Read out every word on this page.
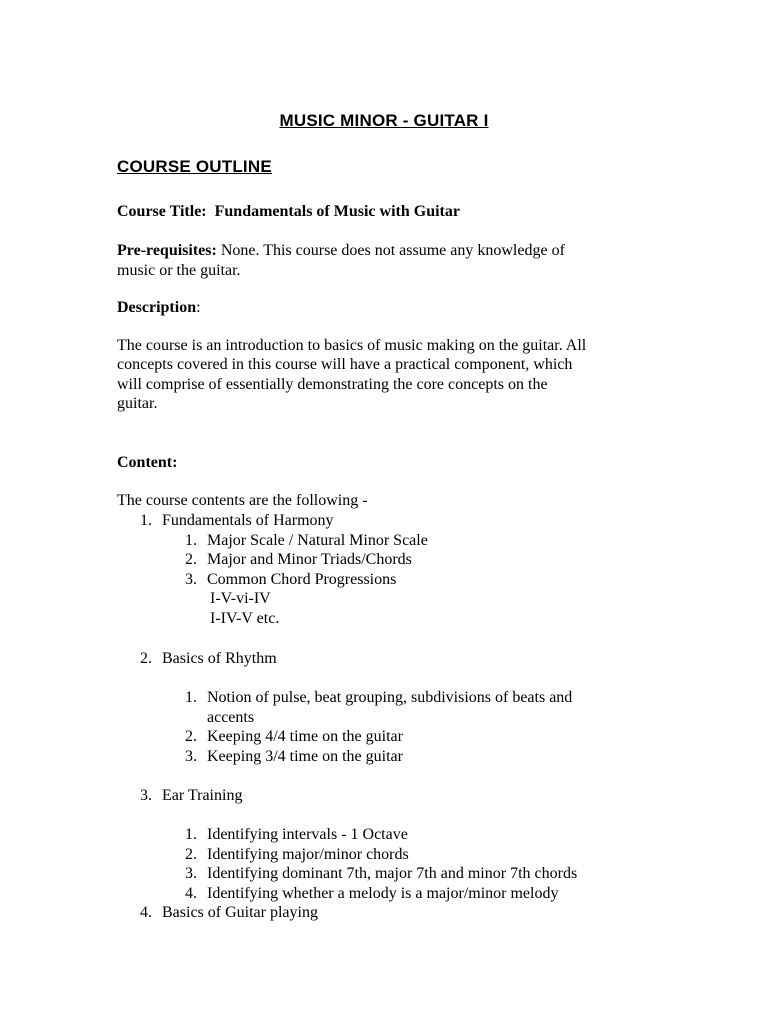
MUSIC MINOR - GUITAR I
COURSE OUTLINE
Course Title: Fundamentals of Music with Guitar
Pre-requisites: None. This course does not assume any knowledge of
music or the guitar.
Description:
The course is an introduction to basics of music making on the guitar. All
concepts covered in this course will have a practical component, which
will comprise of essentially demonstrating the core concepts on the
guitar.
Content:
The course contents are the following -
1. Fundamentals of Harmony
1. Major Scale / Natural Minor Scale
2. Major and Minor Triads/Chords
3. Common Chord Progressions
I-V-vi-IV
I-IV-V etc.
2. Basics of Rhythm
1. Notion of pulse, beat grouping, subdivisions of beats and
accents
2. Keeping 4/4 time on the guitar
3. Keeping 3/4 time on the guitar
3. Ear Training
1. Identifying intervals - 1 Octave
2. Identifying major/minor chords
3. Identifying dominant 7th, major 7th and minor 7th chords
4. Identifying whether a melody is a major/minor melody
4. Basics of Guitar playing
